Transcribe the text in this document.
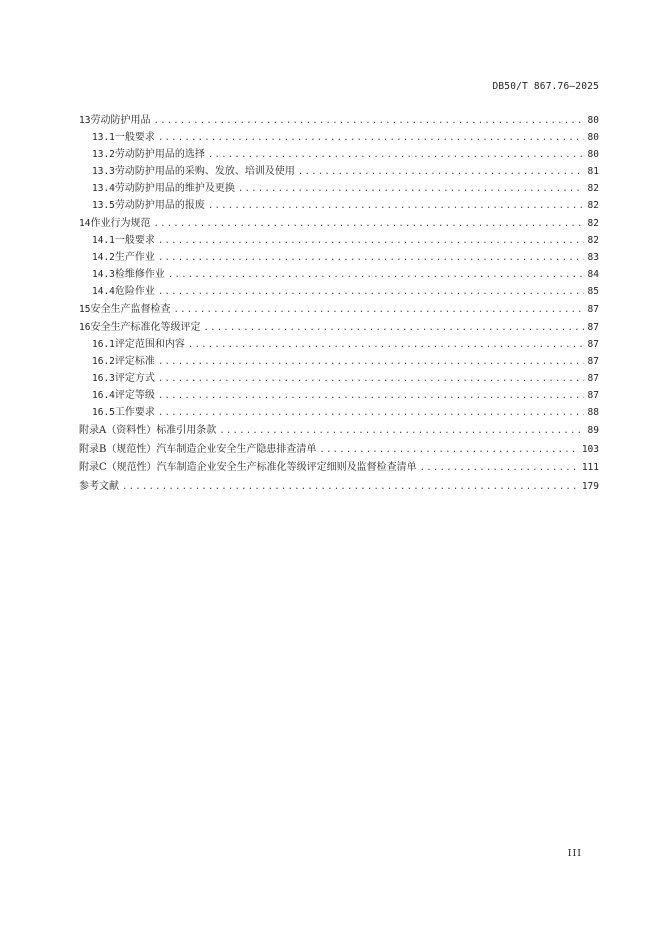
DB50/T 867.76—2025
13 劳动防护用品 .....	80
13.1 一般要求 .....	80
13.2 劳动防护用品的选择 .....	80
13.3 劳动防护用品的采购、发放、培训及使用 .....	81
13.4 劳动防护用品的维护及更换 .....	82
13.5 劳动防护用品的报废 .....	82
14 作业行为规范 .....	82
14.1 一般要求 .....	82
14.2 生产作业 .....	83
14.3 检维修作业 .....	84
14.4 危险作业 .....	85
15 安全生产监督检查 .....	87
16 安全生产标准化等级评定 .....	87
16.1 评定范围和内容 .....	87
16.2 评定标准 .....	87
16.3 评定方式 .....	87
16.4 评定等级 .....	87
16.5 工作要求 .....	88
附录A（资料性） 标准引用条款 .....	89
附录B（规范性） 汽车制造企业安全生产隐患排查清单 .....	103
附录C（规范性） 汽车制造企业安全生产标准化等级评定细则及监督检查清单 .....	111
参考文献 .....	179
III
